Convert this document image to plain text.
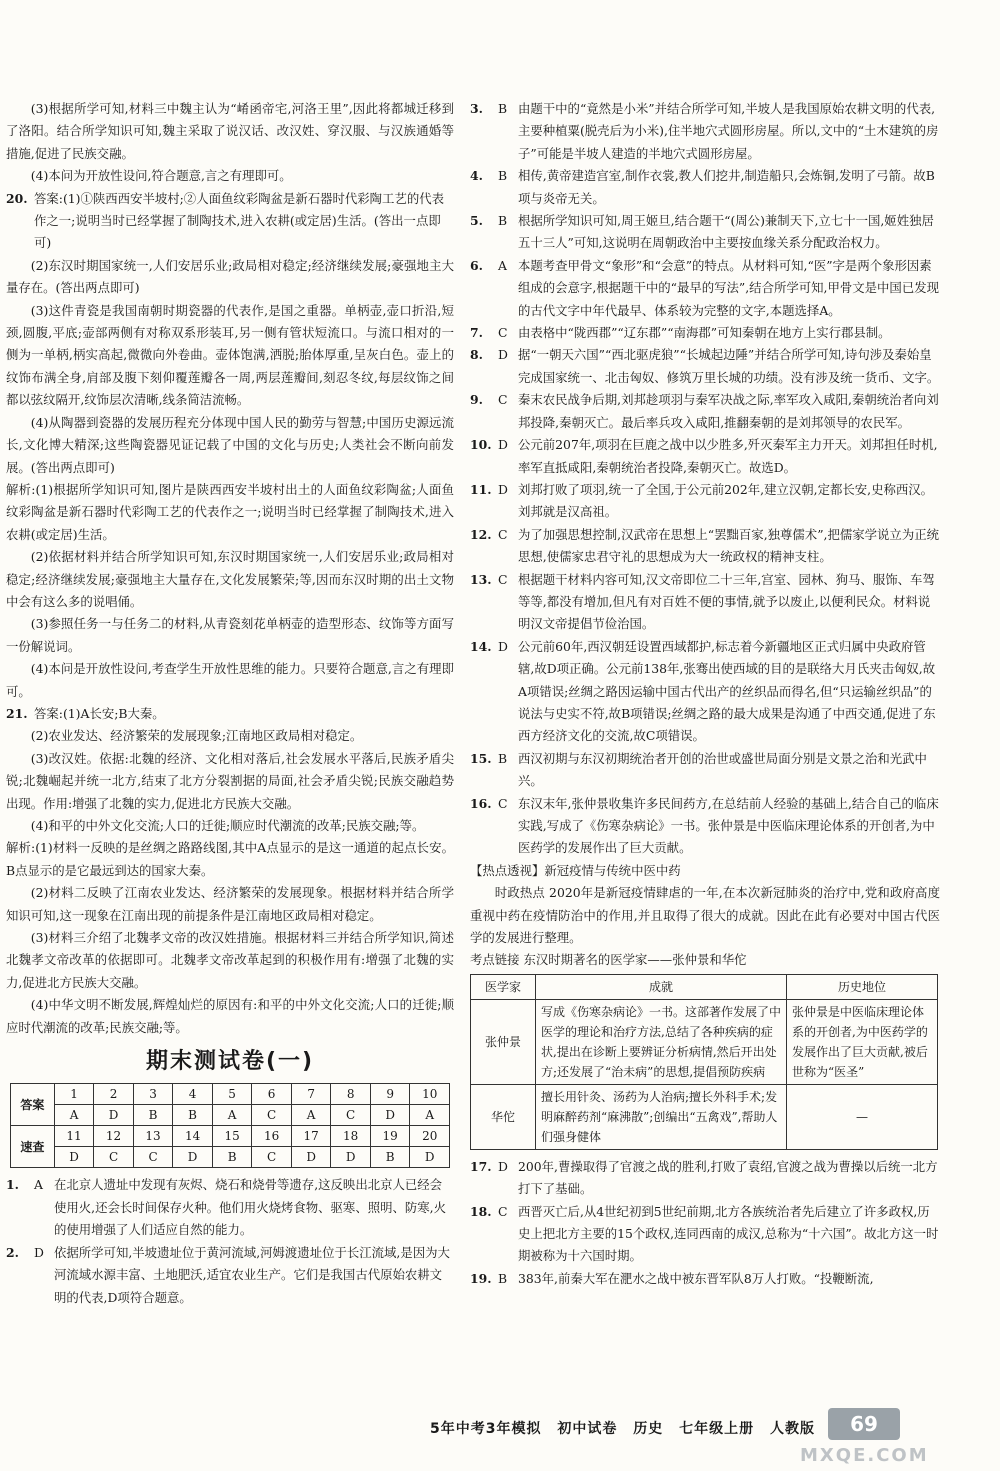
(3)根据所学可知,材料三中魏主认为“崤函帝宅,河洛王里”,因此将都城迁移到了洛阳。结合所学知识可知,魏主采取了说汉话、改汉姓、穿汉服、与汉族通婚等措施,促进了民族交融。

(4)本问为开放性设问,符合题意,言之有理即可。

20. 答案:(1)①陕西西安半坡村;②人面鱼纹彩陶盆是新石器时代彩陶工艺的代表作之一;说明当时已经掌握了制陶技术,进入农耕(或定居)生活。(答出一点即可)

(2)东汉时期国家统一,人们安居乐业;政局相对稳定;经济继续发展;豪强地主大量存在。(答出两点即可)

(3)这件青瓷是我国南朝时期瓷器的代表作,是国之重器。单柄壶,壶口折沿,短颈,圆腹,平底;壶部两侧有对称双系形装耳,另一侧有管状短流口。与流口相对的一侧为一单柄,柄实高起,微微向外卷曲。壶体饱满,洒脱;胎体厚重,呈灰白色。壶上的纹饰布满全身,肩部及腹下刻仰覆莲瓣各一周,两层莲瓣间,刻忍冬纹,每层纹饰之间都以弦纹隔开,纹饰层次清晰,线条简洁流畅。

(4)从陶器到瓷器的发展历程充分体现中国人民的勤劳与智慧;中国历史源远流长,文化博大精深;这些陶瓷器见证记载了中国的文化与历史;人类社会不断向前发展。(答出两点即可)

解析:(1)根据所学知识可知,图片是陕西西安半坡村出土的人面鱼纹彩陶盆;人面鱼纹彩陶盆是新石器时代彩陶工艺的代表作之一;说明当时已经掌握了制陶技术,进入农耕(或定居)生活。

(2)依据材料并结合所学知识可知,东汉时期国家统一,人们安居乐业;政局相对稳定;经济继续发展;豪强地主大量存在,文化发展繁荣;等,因而东汉时期的出土文物中会有这么多的说唱俑。

(3)参照任务一与任务二的材料,从青瓷刻花单柄壶的造型形态、纹饰等方面写一份解说词。

(4)本问是开放性设问,考查学生开放性思维的能力。只要符合题意,言之有理即可。

21. 答案:(1)A长安;B大秦。

(2)农业发达、经济繁荣的发展现象;江南地区政局相对稳定。

(3)改汉姓。依据:北魏的经济、文化相对落后,社会发展水平落后,民族矛盾尖锐;北魏崛起并统一北方,结束了北方分裂割据的局面,社会矛盾尖锐;民族交融趋势出现。作用:增强了北魏的实力,促进北方民族大交融。

(4)和平的中外文化交流;人口的迁徙;顺应时代潮流的改革;民族交融;等。

解析:(1)材料一反映的是丝绸之路路线图,其中A点显示的是这一通道的起点长安。B点显示的是它最远到达的国家大秦。

(2)材料二反映了江南农业发达、经济繁荣的发展现象。根据材料并结合所学知识可知,这一现象在江南出现的前提条件是江南地区政局相对稳定。

(3)材料三介绍了北魏孝文帝的改汉姓措施。根据材料三并结合所学知识,简述北魏孝文帝改革的依据即可。北魏孝文帝改革起到的积极作用有:增强了北魏的实力,促进北方民族大交融。

(4)中华文明不断发展,辉煌灿烂的原因有:和平的中外文化交流;人口的迁徙;顺应时代潮流的改革;民族交融;等。

期末测试卷(一)
答案	1	2	3	4	5	6	7	8	9	10
	A	D	B	B	A	C	A	C	D	A
速查	11	12	13	14	15	16	17	18	19	20
	D	C	C	D	B	C	D	D	B	D
1.	A 在北京人遗址中发现有灰烬、烧石和烧骨等遗存,这反映出北京人已经会使用火,还会长时间保存火种。他们用火烧烤食物、驱寒、照明、防寒,火的使用增强了人们适应自然的能力。
2.	D 依据所学可知,半坡遗址位于黄河流域,河姆渡遗址位于长江流域,是因为大河流域水源丰富、土地肥沃,适宜农业生产。它们是我国古代原始农耕文明的代表,D项符合题意。
3.	B 由题干中的“竟然是小米”并结合所学可知,半坡人是我国原始农耕文明的代表,主要种植粟(脱壳后为小米),住半地穴式圆形房屋。所以,文中的“土木建筑的房子”可能是半坡人建造的半地穴式圆形房屋。
4.	B 相传,黄帝建造宫室,制作衣裳,教人们挖井,制造船只,会炼铜,发明了弓箭。故B项与炎帝无关。
5.	B 根据所学知识可知,周王姬旦,结合题干“(周公)兼制天下,立七十一国,姬姓独居五十三人”可知,这说明在周朝政治中主要按血缘关系分配政治权力。
6.	A 本题考查甲骨文“象形”和“会意”的特点。从材料可知,“医”字是两个象形因素组成的会意字,根据题干中的“最早的写法”,结合所学可知,甲骨文是中国已发现的古代文字中年代最早、体系较为完整的文字,本题选择A。
7.	C 由表格中“陇西郡”“辽东郡”“南海郡”可知秦朝在地方上实行郡县制。
8.	D 据“一朝天六国”“西北驱虎狼”“长城起边陲”并结合所学可知,诗句涉及秦始皇完成国家统一、北击匈奴、修筑万里长城的功绩。没有涉及统一货币、文字。
9.	C 秦末农民战争后期,刘邦趁项羽与秦军决战之际,率军攻入咸阳,秦朝统治者向刘邦投降,秦朝灭亡。最后率兵攻入咸阳,推翻秦朝的是刘邦领导的农民军。
10. D 公元前207年,项羽在巨鹿之战中以少胜多,歼灭秦军主力开天。刘邦担任时机,率军直抵咸阳,秦朝统治者投降,秦朝灭亡。故选D。
11. D 刘邦打败了项羽,统一了全国,于公元前202年,建立汉朝,定都长安,史称西汉。刘邦就是汉高祖。
12. C 为了加强思想控制,汉武帝在思想上“罢黜百家,独尊儒术”,把儒家学说立为正统思想,使儒家忠君守礼的思想成为大一统政权的精神支柱。
13. C 根据题干材料内容可知,汉文帝即位二十三年,宫室、园林、狗马、服饰、车驾等等,都没有增加,但凡有对百姓不便的事情,就予以废止,以便利民众。材料说明汉文帝提倡节俭治国。
14. D 公元前60年,西汉朝廷设置西域都护,标志着今新疆地区正式归属中央政府管辖,故D项正确。公元前138年,张骞出使西域的目的是联络大月氏夹击匈奴,故A项错误;丝绸之路因运输中国古代出产的丝织品而得名,但“只运输丝织品”的说法与史实不符,故B项错误;丝绸之路的最大成果是沟通了中西交通,促进了东西方经济文化的交流,故C项错误。
15. B 西汉初期与东汉初期统治者开创的治世或盛世局面分别是文景之治和光武中兴。
16. C 东汉末年,张仲景收集许多民间药方,在总结前人经验的基础上,结合自己的临床实践,写成了《伤寒杂病论》一书。张仲景是中医临床理论体系的开创者,为中医药学的发展作出了巨大贡献。

【热点透视】新冠疫情与传统中医中药

时政热点 2020年是新冠疫情肆虐的一年,在本次新冠肺炎的治疗中,党和政府高度重视中药在疫情防治中的作用,并且取得了很大的成就。因此在此有必要对中国古代医学的发展进行整理。

考点链接 东汉时期著名的医学家——张仲景和华佗

医学家	成就	历史地位
张仲景	写成《伤寒杂病论》一书。这部著作发展了中医学的理论和治疗方法,总结了各种疾病的症状,提出在诊断上要辨证分析病情,然后开出处方;还发展了“治未病”的思想,提倡预防疾病	张仲景是中医临床理论体系的开创者,为中医药学的发展作出了巨大贡献,被后世称为“医圣”
华佗	擅长用针灸、汤药为人治病;擅长外科手术;发明麻醉药剂“麻沸散”;创编出“五禽戏”,帮助人们强身健体	—
17. D 200年,曹操取得了官渡之战的胜利,打败了袁绍,官渡之战为曹操以后统一北方打下了基础。
18. C 西晋灭亡后,从4世纪初到5世纪前期,北方各族统治者先后建立了许多政权,历史上把北方主要的15个政权,连同西南的成汉,总称为“十六国”。故北方这一时期被称为十六国时期。
19. B 383年,前秦大军在淝水之战中被东晋军队8万人打败。“投鞭断流,
5年中考3年模拟 初中试卷 历史 七年级上册 人教版	69
MXQE.COM
